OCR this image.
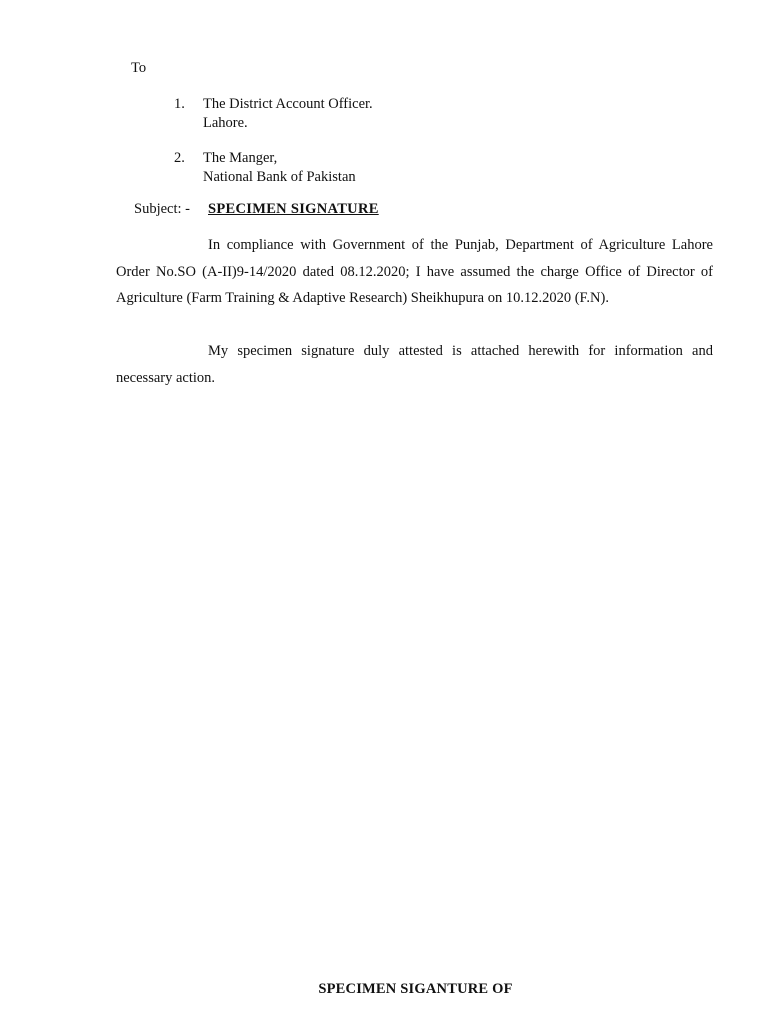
To
1. The District Account Officer.
Lahore.
2. The Manger,
National Bank of Pakistan
Subject: - SPECIMEN SIGNATURE

In compliance with Government of the Punjab, Department of Agriculture Lahore Order No.SO (A-II)9-14/2020 dated 08.12.2020; I have assumed the charge Office of Director of Agriculture (Farm Training & Adaptive Research) Sheikhupura on 10.12.2020 (F.N).

My specimen signature duly attested is attached herewith for information and necessary action.

SPECIMEN SIGANTURE OF
